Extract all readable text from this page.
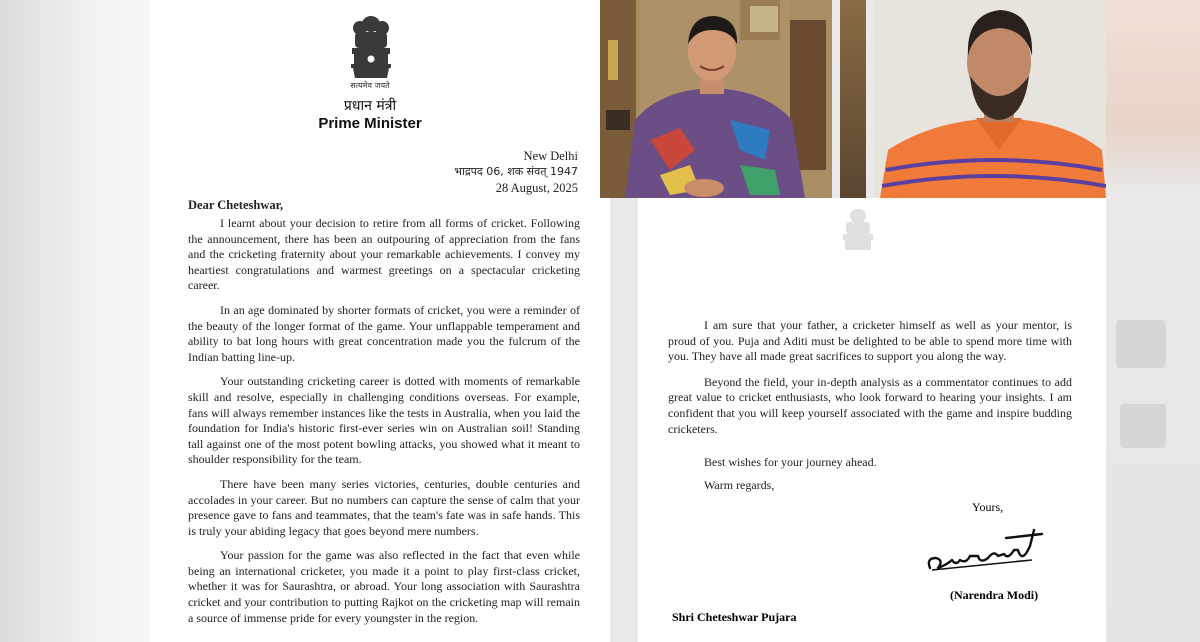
सत्यमेव जयते
प्रधान मंत्री
Prime Minister
New Delhi
भाद्रपद 06, शक संवत् 1947
28 August, 2025
Dear Cheteshwar,

I learnt about your decision to retire from all forms of cricket. Following the announcement, there has been an outpouring of appreciation from the fans and the cricketing fraternity about your remarkable achievements. I convey my heartiest congratulations and warmest greetings on a spectacular cricketing career.

In an age dominated by shorter formats of cricket, you were a reminder of the beauty of the longer format of the game. Your unflappable temperament and ability to bat long hours with great concentration made you the fulcrum of the Indian batting line-up.

Your outstanding cricketing career is dotted with moments of remarkable skill and resolve, especially in challenging conditions overseas. For example, fans will always remember instances like the tests in Australia, when you laid the foundation for India's historic first-ever series win on Australian soil! Standing tall against one of the most potent bowling attacks, you showed what it meant to shoulder responsibility for the team.

There have been many series victories, centuries, double centuries and accolades in your career. But no numbers can capture the sense of calm that your presence gave to fans and teammates, that the team's fate was in safe hands. This is truly your abiding legacy that goes beyond mere numbers.

Your passion for the game was also reflected in the fact that even while being an international cricketer, you made it a point to play first-class cricket, whether it was for Saurashtra, or abroad. Your long association with Saurashtra cricket and your contribution to putting Rajkot on the cricketing map will remain a source of immense pride for every youngster in the region.

I am sure that your father, a cricketer himself as well as your mentor, is proud of you. Puja and Aditi must be delighted to be able to spend more time with you. They have all made great sacrifices to support you along the way.

Beyond the field, your in-depth analysis as a commentator continues to add great value to cricket enthusiasts, who look forward to hearing your insights. I am confident that you will keep yourself associated with the game and inspire budding cricketers.

Best wishes for your journey ahead.
Warm regards,
Yours,
(Narendra Modi)
Shri Cheteshwar Pujara
